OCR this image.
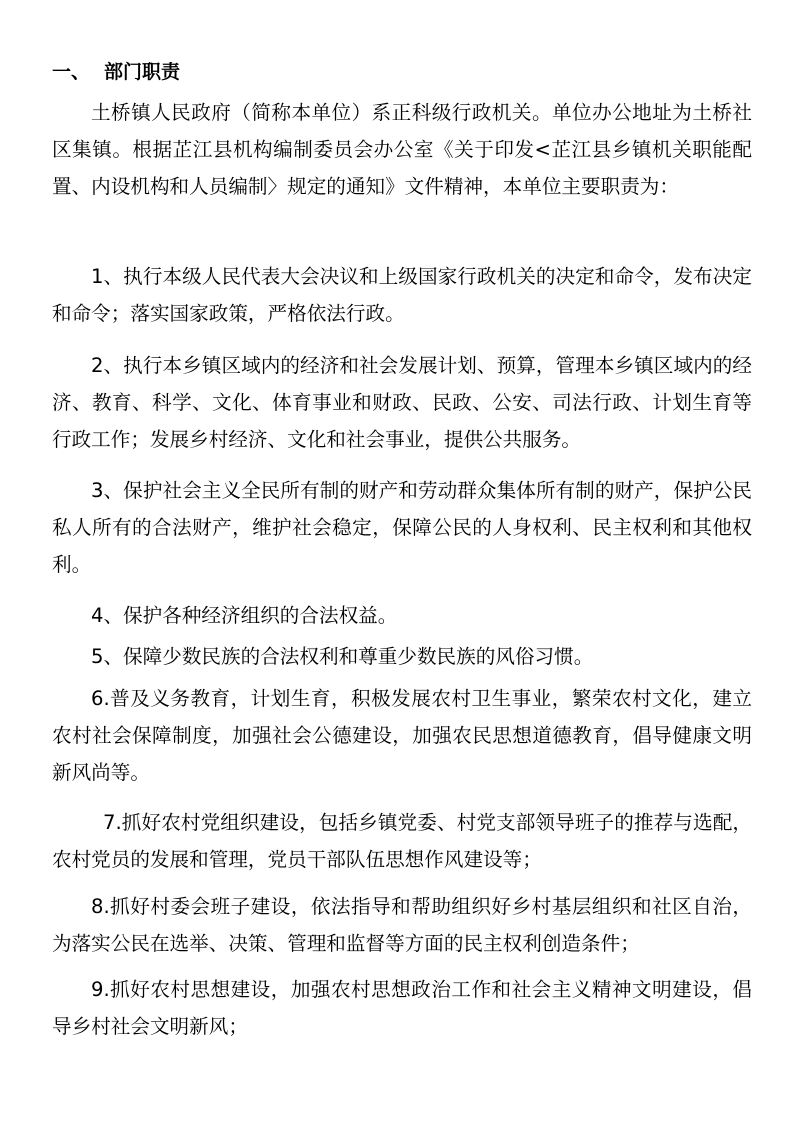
一、 部门职责

土桥镇人民政府（简称本单位）系正科级行政机关。单位办公地址为土桥社区集镇。根据芷江县机构编制委员会办公室《关于印发<芷江县乡镇机关职能配置、内设机构和人员编制〉规定的通知》文件精神，本单位主要职责为：

1、执行本级人民代表大会决议和上级国家行政机关的决定和命令，发布决定和命令；落实国家政策，严格依法行政。

2、执行本乡镇区域内的经济和社会发展计划、预算，管理本乡镇区域内的经济、教育、科学、文化、体育事业和财政、民政、公安、司法行政、计划生育等行政工作；发展乡村经济、文化和社会事业，提供公共服务。

3、保护社会主义全民所有制的财产和劳动群众集体所有制的财产，保护公民私人所有的合法财产，维护社会稳定，保障公民的人身权利、民主权利和其他权利。

4、保护各种经济组织的合法权益。

5、保障少数民族的合法权利和尊重少数民族的风俗习惯。

6.普及义务教育，计划生育，积极发展农村卫生事业，繁荣农村文化，建立农村社会保障制度，加强社会公德建设，加强农民思想道德教育，倡导健康文明新风尚等。

7.抓好农村党组织建设，包括乡镇党委、村党支部领导班子的推荐与选配，农村党员的发展和管理，党员干部队伍思想作风建设等；

8.抓好村委会班子建设，依法指导和帮助组织好乡村基层组织和社区自治，为落实公民在选举、决策、管理和监督等方面的民主权利创造条件；

9.抓好农村思想建设，加强农村思想政治工作和社会主义精神文明建设，倡导乡村社会文明新风；
